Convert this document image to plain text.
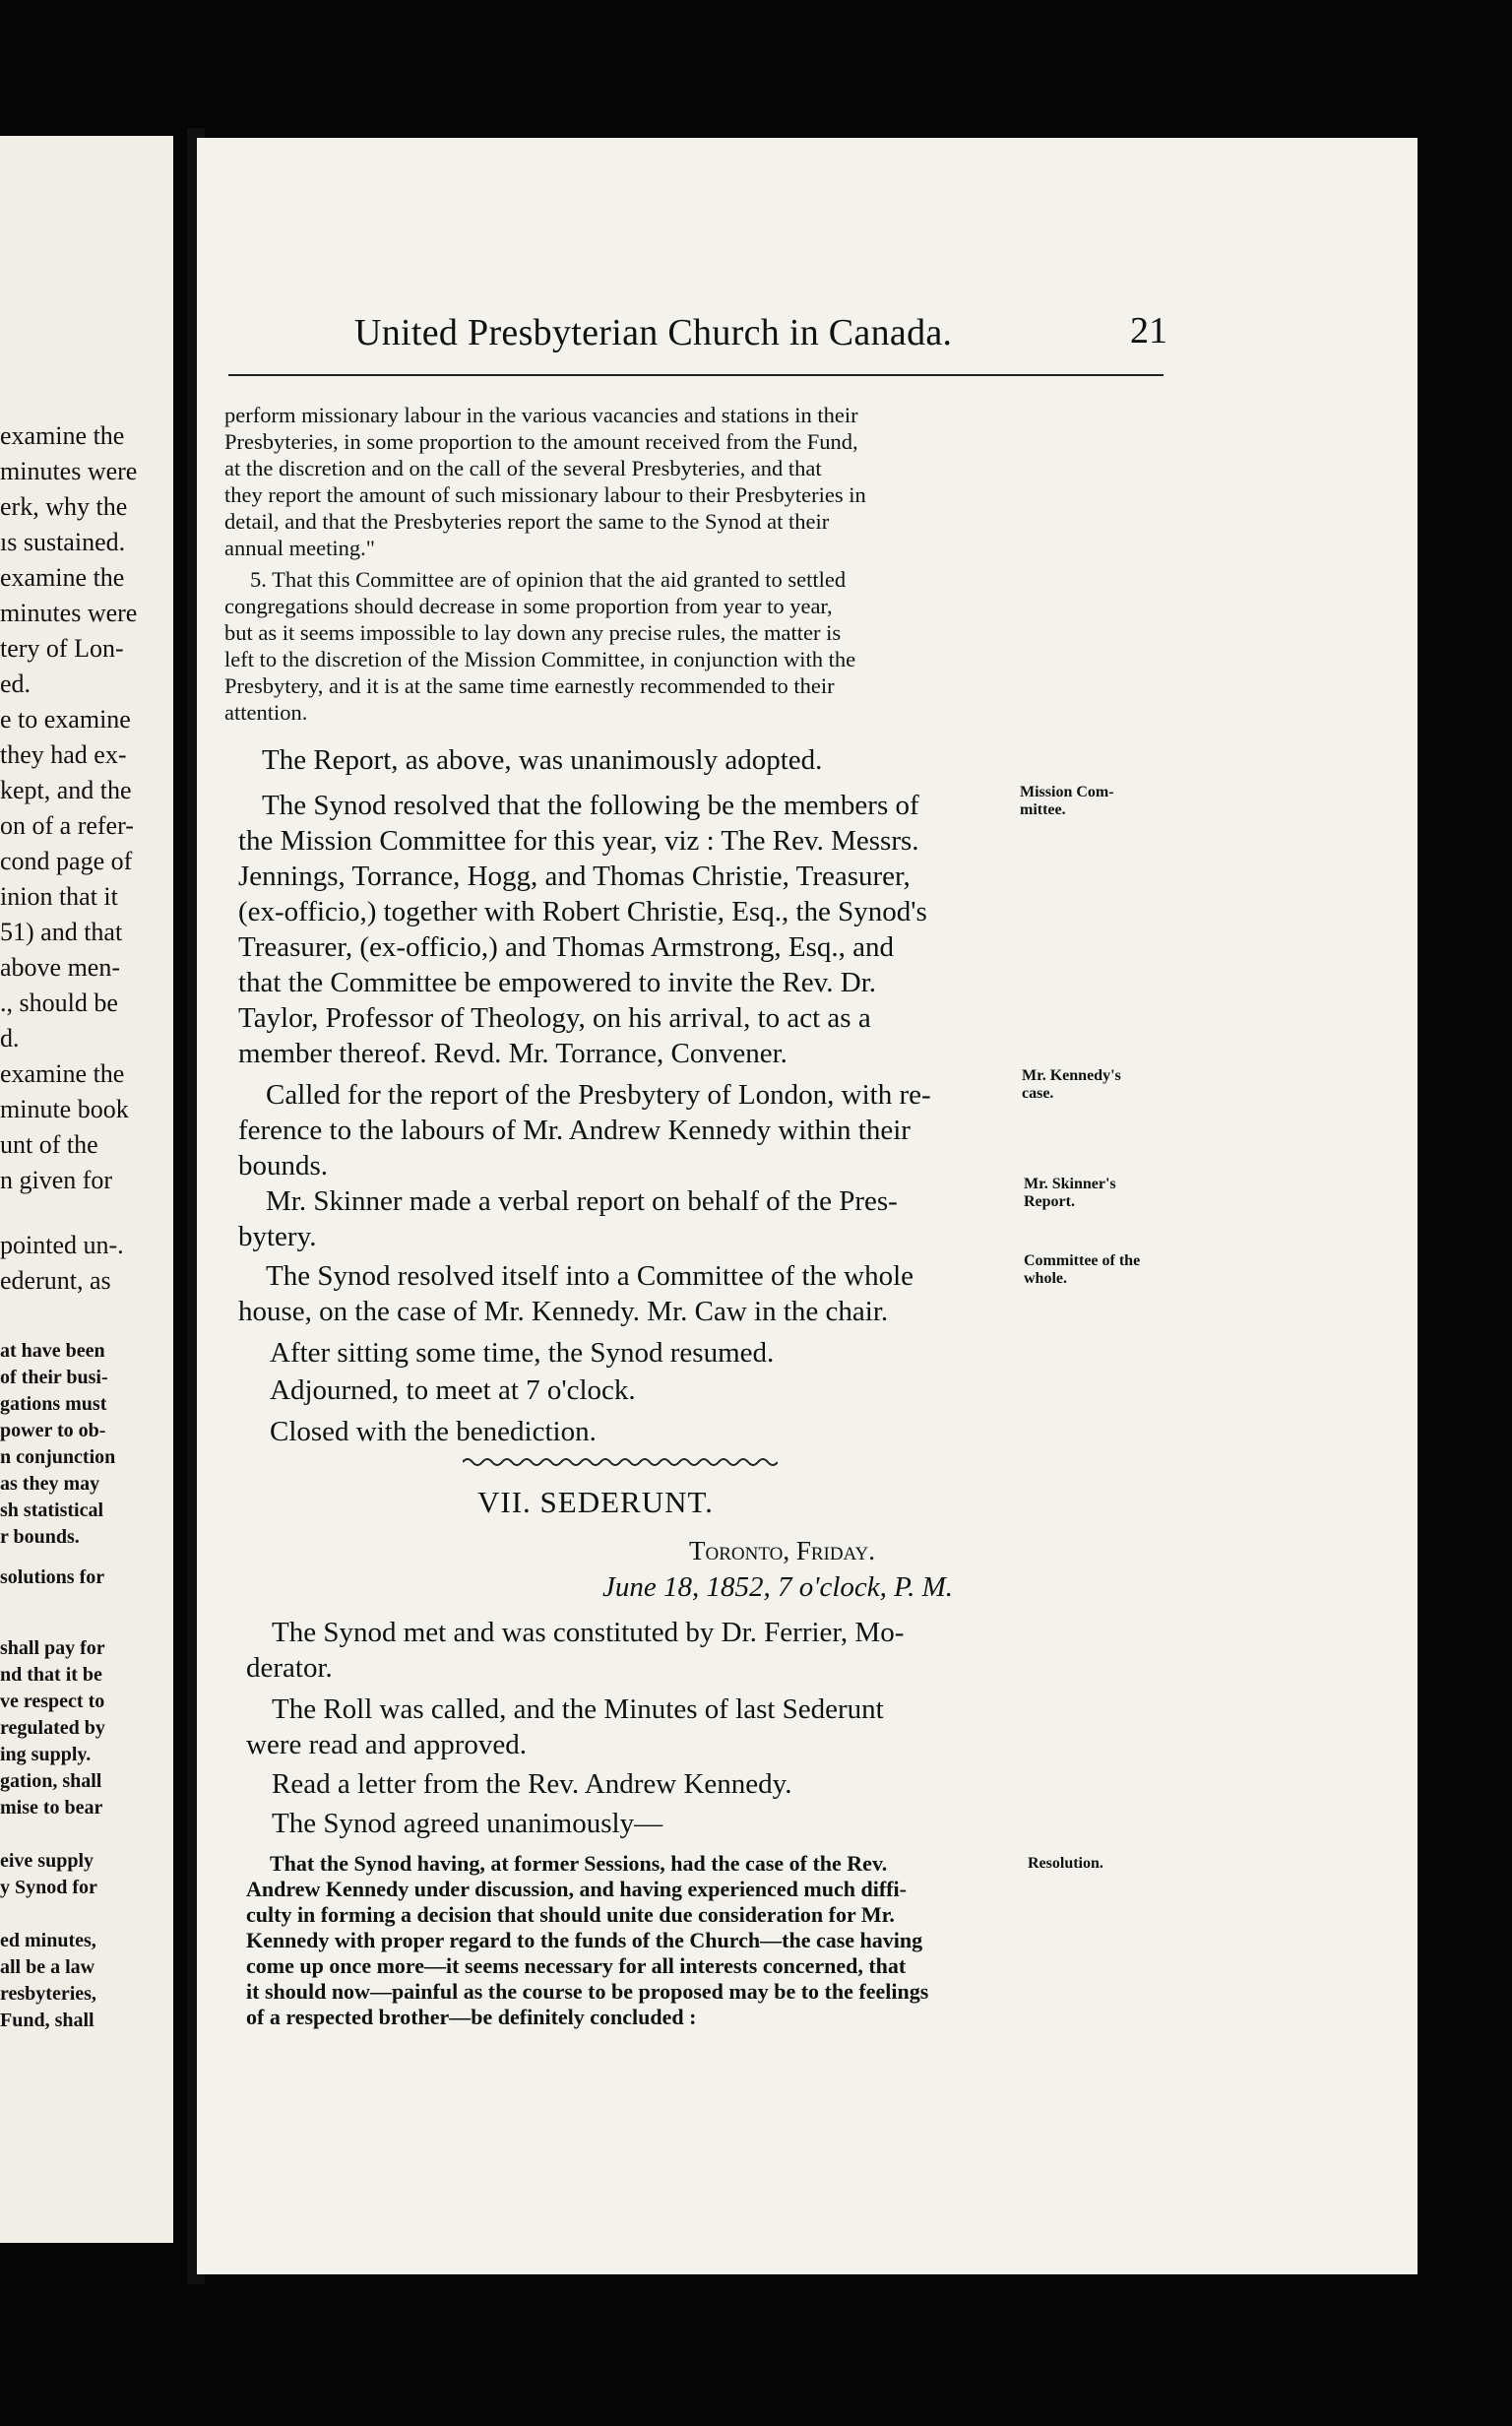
examine the
minutes were
erk, why the
ıs sustained.
examine the
minutes were
tery of Lon-
ed.
e to examine
they had ex-
kept, and the
on of a refer-
cond page of
inion that it
51) and that
above men-
., should be
d.
examine the
minute book
unt of the
n given for
pointed un-.
ederunt, as
at have been
of their busi-
gations must
power to ob-
n conjunction
as they may
sh statistical
r bounds.
solutions for
shall pay for
nd that it be
ve respect to
regulated by
ing supply.
gation, shall
mise to bear
eive supply
y Synod for
ed minutes,
all be a law
resbyteries,
Fund, shall
United Presbyterian Church in Canada.	21
perform missionary labour in the various vacancies and stations in their
Presbyteries, in some proportion to the amount received from the Fund,
at the discretion and on the call of the several Presbyteries, and that
they report the amount of such missionary labour to their Presbyteries in
detail, and that the Presbyteries report the same to the Synod at their
annual meeting."
5. That this Committee are of opinion that the aid granted to settled
congregations should decrease in some proportion from year to year,
but as it seems impossible to lay down any precise rules, the matter is
left to the discretion of the Mission Committee, in conjunction with the
Presbytery, and it is at the same time earnestly recommended to their
attention.
The Report, as above, was unanimously adopted.
The Synod resolved that the following be the members of
the Mission Committee for this year, viz : The Rev. Messrs.
Jennings, Torrance, Hogg, and Thomas Christie, Treasurer,
(ex-officio,) together with Robert Christie, Esq., the Synod's
Treasurer, (ex-officio,) and Thomas Armstrong, Esq., and
that the Committee be empowered to invite the Rev. Dr.
Taylor, Professor of Theology, on his arrival, to act as a
member thereof. Revd. Mr. Torrance, Convener.
Called for the report of the Presbytery of London, with re-
ference to the labours of Mr. Andrew Kennedy within their
bounds.
Mr. Skinner made a verbal report on behalf of the Pres-
bytery.
The Synod resolved itself into a Committee of the whole
house, on the case of Mr. Kennedy. Mr. Caw in the chair.
After sitting some time, the Synod resumed.
Adjourned, to meet at 7 o'clock.
Closed with the benediction.
Mission Com-
mittee.
Mr. Kennedy's
case.
Mr. Skinner's
Report.
Committee of the
whole.
Resolution.
VII. SEDERUNT.
Toronto, Friday.
June 18, 1852, 7 o'clock, P. M.
The Synod met and was constituted by Dr. Ferrier, Mo-
derator.
The Roll was called, and the Minutes of last Sederunt
were read and approved.
Read a letter from the Rev. Andrew Kennedy.
The Synod agreed unanimously—
That the Synod having, at former Sessions, had the case of the Rev.
Andrew Kennedy under discussion, and having experienced much diffi-
culty in forming a decision that should unite due consideration for Mr.
Kennedy with proper regard to the funds of the Church—the case having
come up once more—it seems necessary for all interests concerned, that
it should now—painful as the course to be proposed may be to the feelings
of a respected brother—be definitely concluded :
